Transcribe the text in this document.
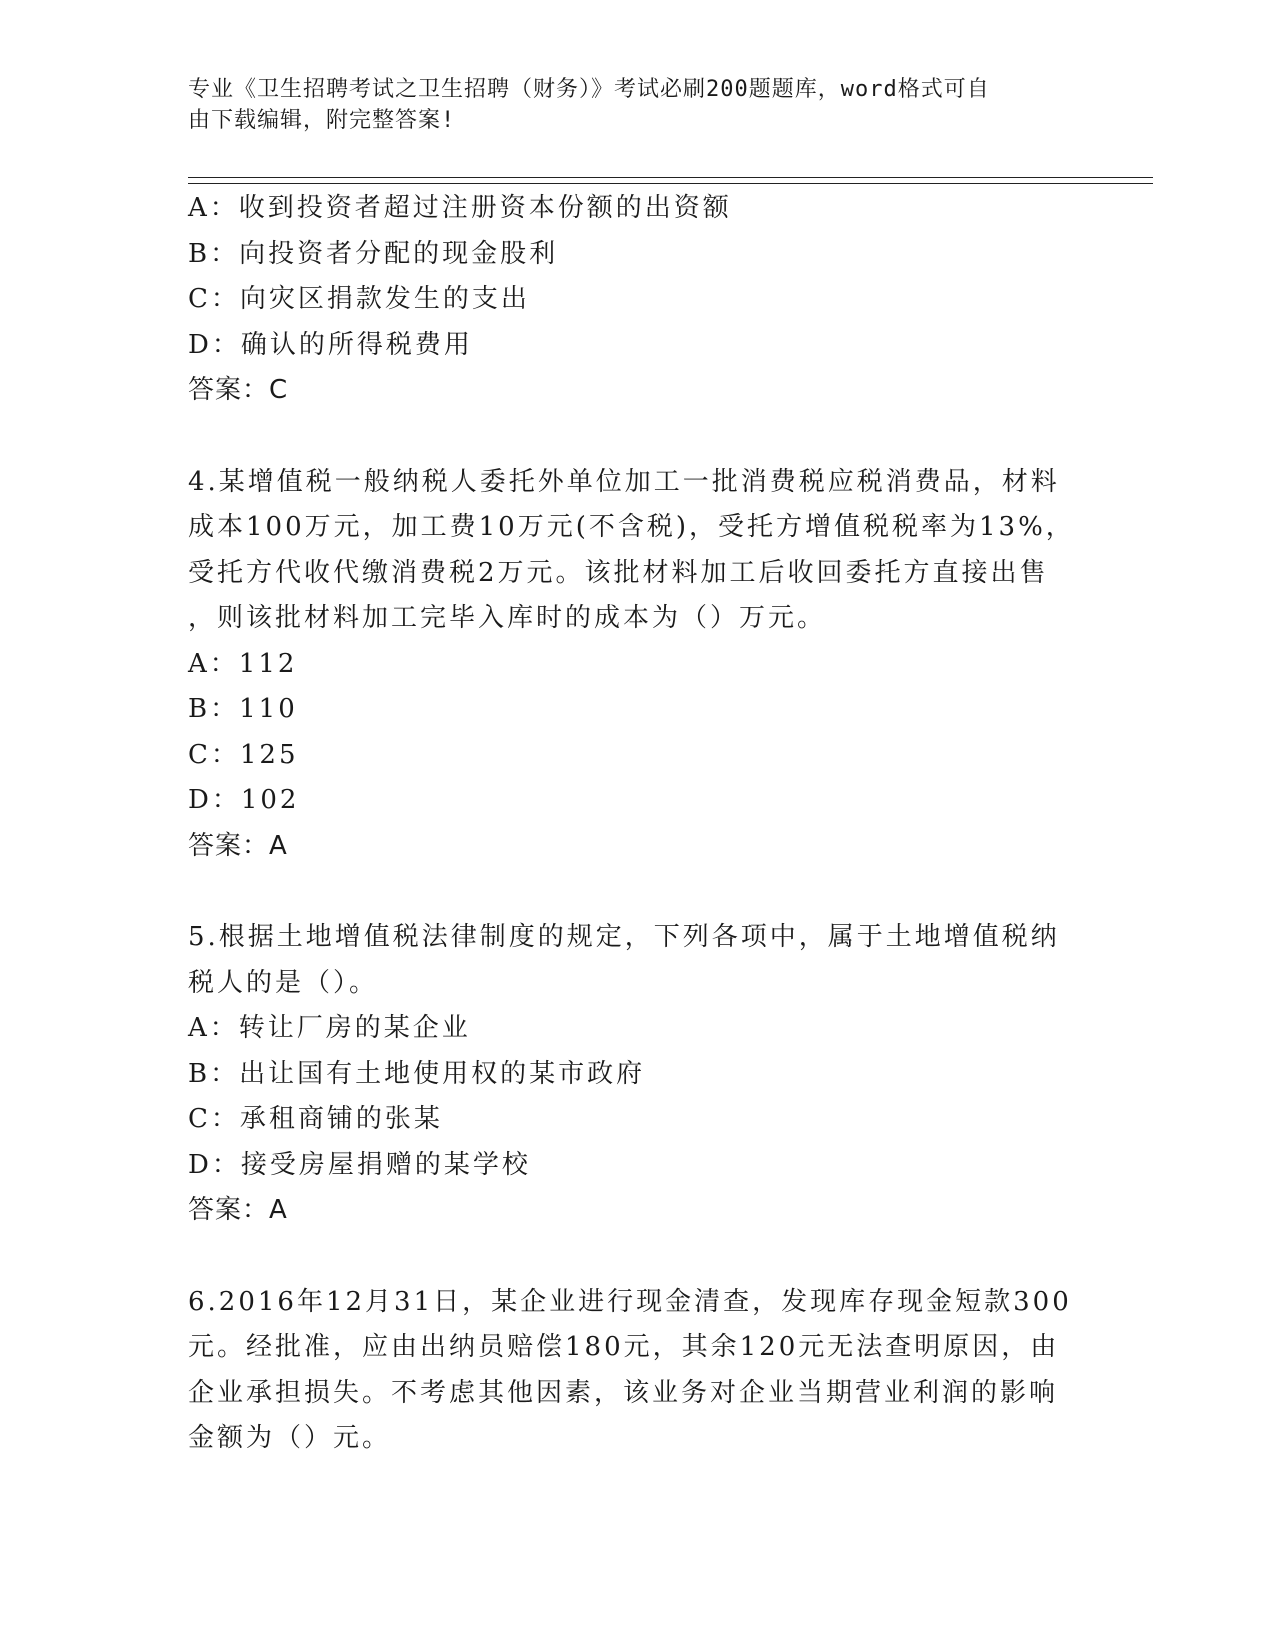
专业《卫生招聘考试之卫生招聘（财务）》考试必刷200题题库，word格式可自
由下载编辑，附完整答案!
A：收到投资者超过注册资本份额的出资额
B：向投资者分配的现金股利
C：向灾区捐款发生的支出
D：确认的所得税费用
答案：C
4.某增值税一般纳税人委托外单位加工一批消费税应税消费品，材料
成本100万元，加工费10万元(不含税)，受托方增值税税率为13%，
受托方代收代缴消费税2万元。该批材料加工后收回委托方直接出售
，则该批材料加工完毕入库时的成本为（）万元。
A：112
B：110
C：125
D：102
答案：A
5.根据土地增值税法律制度的规定，下列各项中，属于土地增值税纳
税人的是（）。
A：转让厂房的某企业
B：出让国有土地使用权的某市政府
C：承租商铺的张某
D：接受房屋捐赠的某学校
答案：A
6.2016年12月31日，某企业进行现金清查，发现库存现金短款300
元。经批准，应由出纳员赔偿180元，其余120元无法查明原因，由
企业承担损失。不考虑其他因素，该业务对企业当期营业利润的影响
金额为（）元。
